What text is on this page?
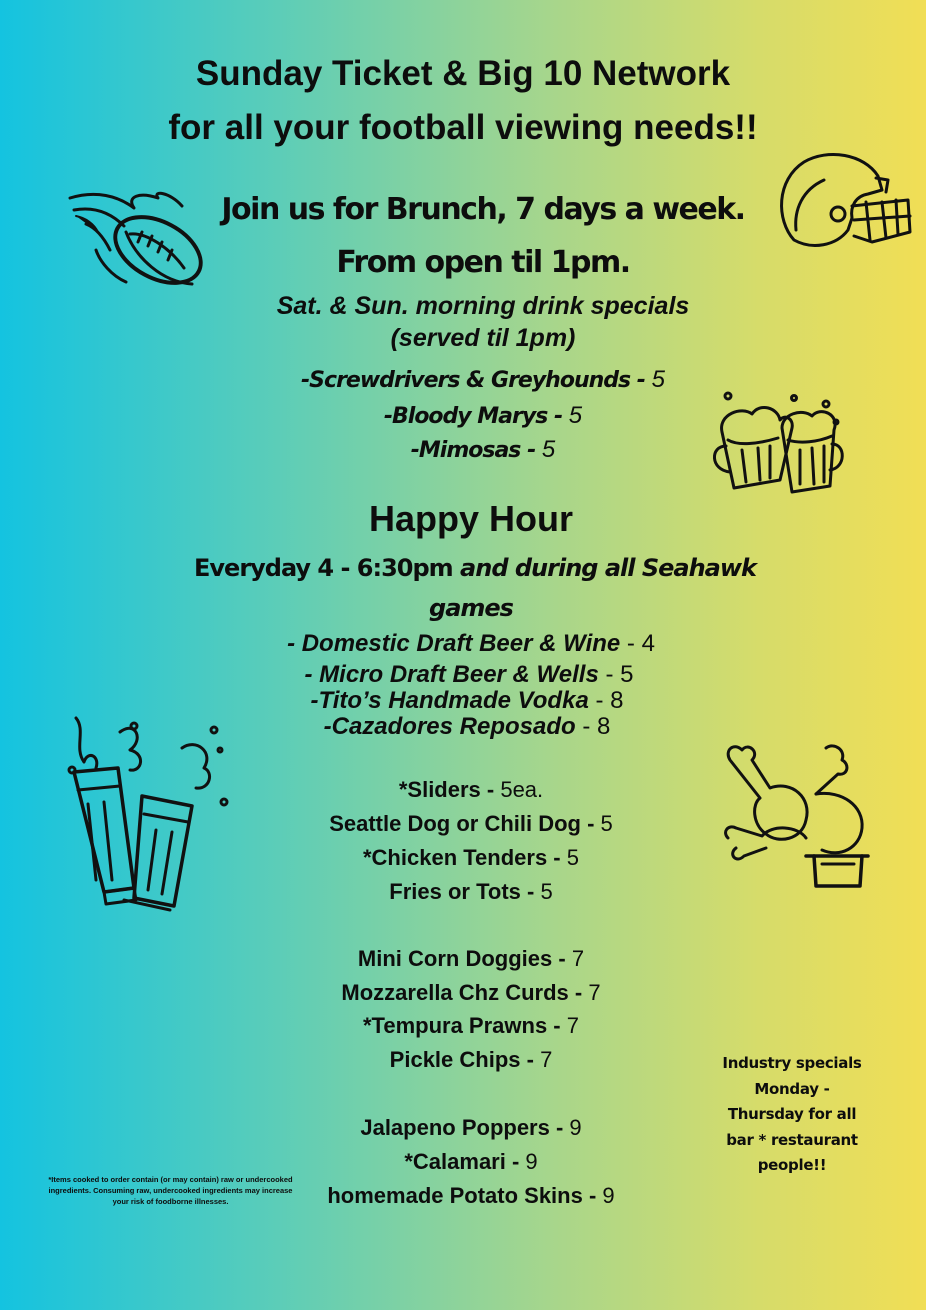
Sunday Ticket & Big 10 Network
for all your football viewing needs!!
Join us for Brunch, 7 days a week.
From open til 1pm.
Sat. & Sun. morning drink specials
(served til 1pm)
-Screwdrivers & Greyhounds - 5
-Bloody Marys - 5
-Mimosas - 5
Happy Hour
Everyday 4 - 6:30pm and during all Seahawk
games
- Domestic Draft Beer & Wine - 4
- Micro Draft Beer & Wells - 5
-Tito’s Handmade Vodka - 8
-Cazadores Reposado - 8
*Sliders - 5ea.
Seattle Dog or Chili Dog - 5
*Chicken Tenders - 5
Fries or Tots - 5
Mini Corn Doggies - 7
Mozzarella Chz Curds - 7
*Tempura Prawns - 7
Pickle Chips - 7
Jalapeno Poppers - 9
*Calamari - 9
homemade Potato Skins - 9
*Items cooked to order contain (or may contain) raw or undercooked ingredients. Consuming raw, undercooked ingredients may increase your risk of foodborne illnesses.
Industry specials
Monday -
Thursday for all
bar * restaurant
people!!
